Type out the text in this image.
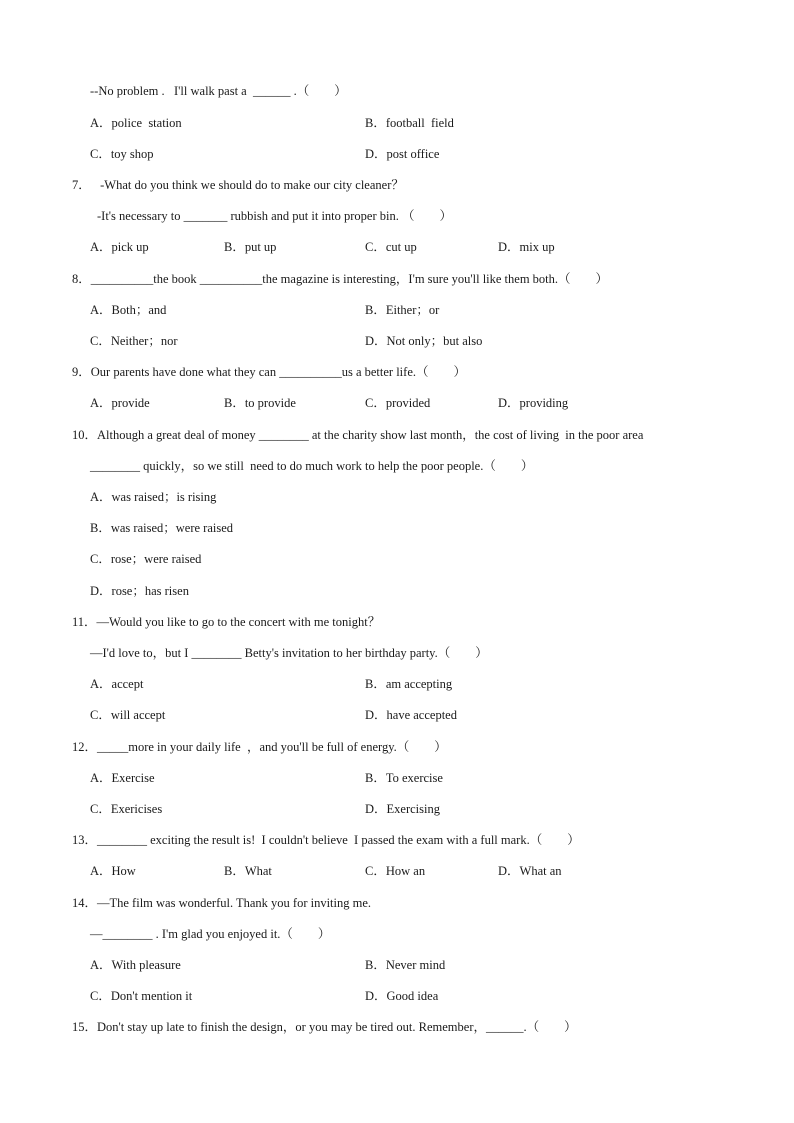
--No problem .   I'll walk past a  ______ .（        ）
A．police  station	B．football  field
C．toy shop	D．post office
7．   -What do you think we should do to make our city cleaner？
-It's necessary to _______ rubbish and put it into proper bin. （        ）
A．pick up	B．put up	C．cut up	D．mix up
8．__________the book __________the magazine is interesting，I'm sure you'll like them both.（        ）
A．Both；and	B．Either；or
C．Neither；nor	D．Not only；but also
9．Our parents have done what they can __________us a better life.（        ）
A．provide	B．to provide	C．provided	D．providing
10．Although a great deal of money ________ at the charity show last month，the cost of living  in the poor area
________ quickly，so we still  need to do much work to help the poor people.（        ）
A．was raised；is rising
B．was raised；were raised
C．rose；were raised
D．rose；has risen
11．—Would you like to go to the concert with me tonight？
—I'd love to，but I ________ Betty's invitation to her birthday party.（        ）
A．accept	B．am accepting
C．will accept	D．have accepted
12．_____more in your daily life  ，and you'll be full of energy.（        ）
A．Exercise	B．To exercise
C．Exericises	D．Exercising
13．________ exciting the result is!  I couldn't believe  I passed the exam with a full mark.（        ）
A．How	B．What	C．How an	D．What an
14．—The film was wonderful. Thank you for inviting me.
—________ . I'm glad you enjoyed it.（        ）
A．With pleasure	B．Never mind
C．Don't mention it	D．Good idea
15．Don't stay up late to finish the design，or you may be tired out. Remember，______.（        ）
